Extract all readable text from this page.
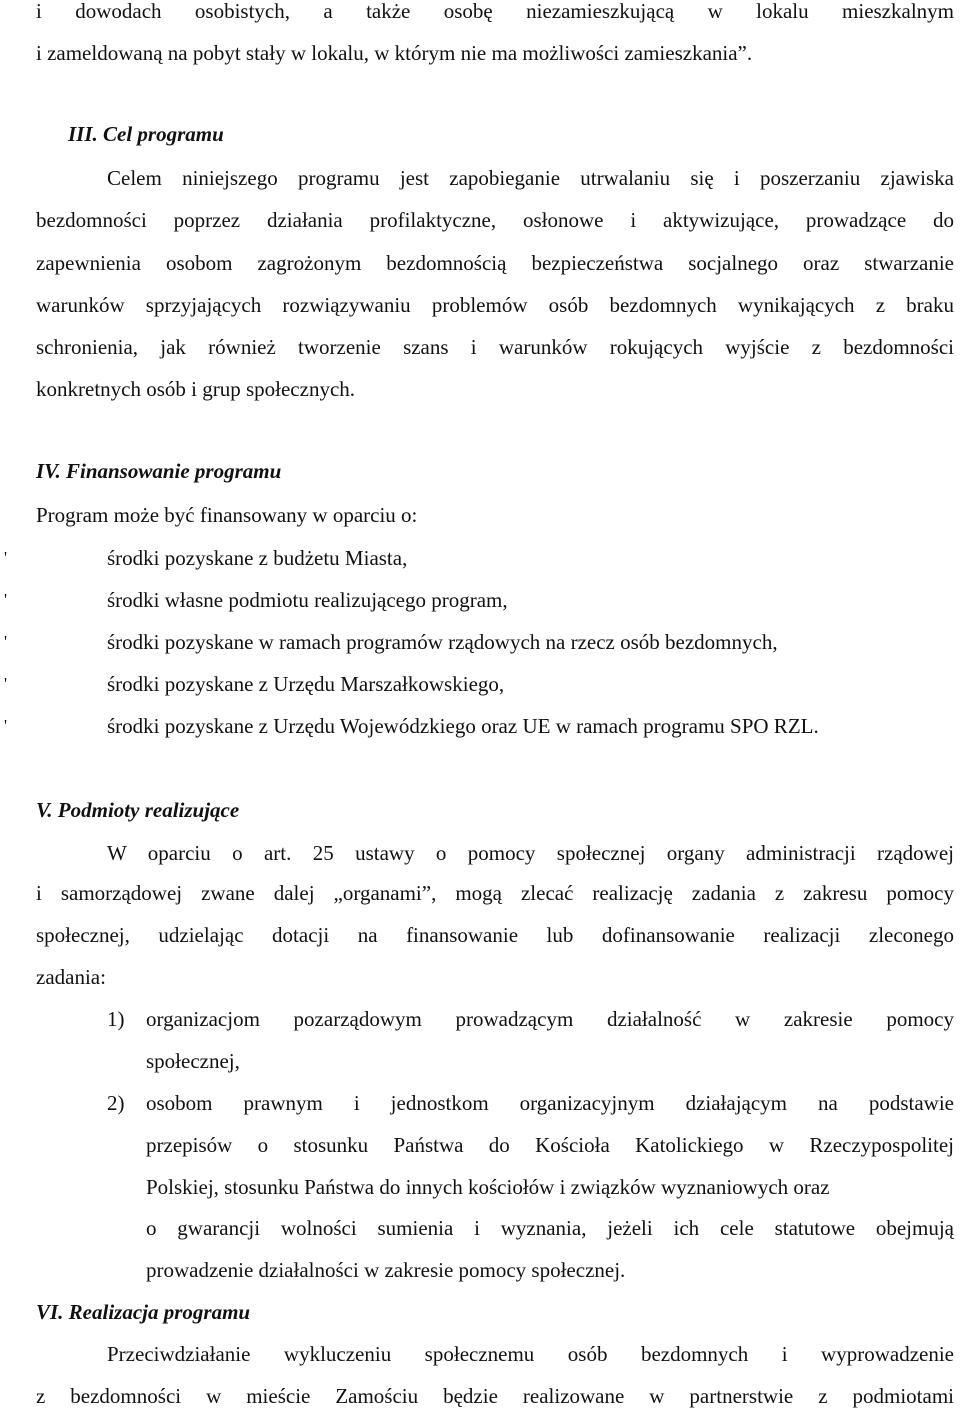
i dowodach osobistych, a także osobę niezamieszkującą w lokalu mieszkalnym
i zameldowaną na pobyt stały w lokalu, w którym nie ma możliwości zamieszkania”.
III. Cel programu
Celem niniejszego programu jest zapobieganie utrwalaniu się i poszerzaniu zjawiska
bezdomności poprzez działania profilaktyczne, osłonowe i aktywizujące, prowadzące do
zapewnienia osobom zagrożonym bezdomnością bezpieczeństwa socjalnego oraz stwarzanie
warunków sprzyjających rozwiązywaniu problemów osób bezdomnych wynikających z braku
schronienia, jak również tworzenie szans i warunków rokujących wyjście z bezdomności
konkretnych osób i grup społecznych.
IV. Finansowanie programu
Program może być finansowany w oparciu o:
'	środki pozyskane z budżetu Miasta,
'	środki własne podmiotu realizującego program,
'	środki pozyskane w ramach programów rządowych na rzecz osób bezdomnych,
'	środki pozyskane z Urzędu Marszałkowskiego,
'	środki pozyskane z Urzędu Wojewódzkiego oraz UE w ramach programu SPO RZL.
V. Podmioty realizujące
W oparciu o art. 25 ustawy o pomocy społecznej organy administracji rządowej
i samorządowej zwane dalej „organami”, mogą zlecać realizację zadania z zakresu pomocy
społecznej, udzielając dotacji na finansowanie lub dofinansowanie realizacji zleconego
zadania:
1)	organizacjom pozarządowym prowadzącym działalność w zakresie pomocy
społecznej,
2)	osobom prawnym i jednostkom organizacyjnym działającym na podstawie
przepisów o stosunku Państwa do Kościoła Katolickiego w Rzeczypospolitej
Polskiej, stosunku Państwa do innych kościołów i związków wyznaniowych oraz
o gwarancji wolności sumienia i wyznania, jeżeli ich cele statutowe obejmują
prowadzenie działalności w zakresie pomocy społecznej.
VI. Realizacja programu
Przeciwdziałanie wykluczeniu społecznemu osób bezdomnych i wyprowadzenie
z bezdomności w mieście Zamościu będzie realizowane w partnerstwie z podmiotami
